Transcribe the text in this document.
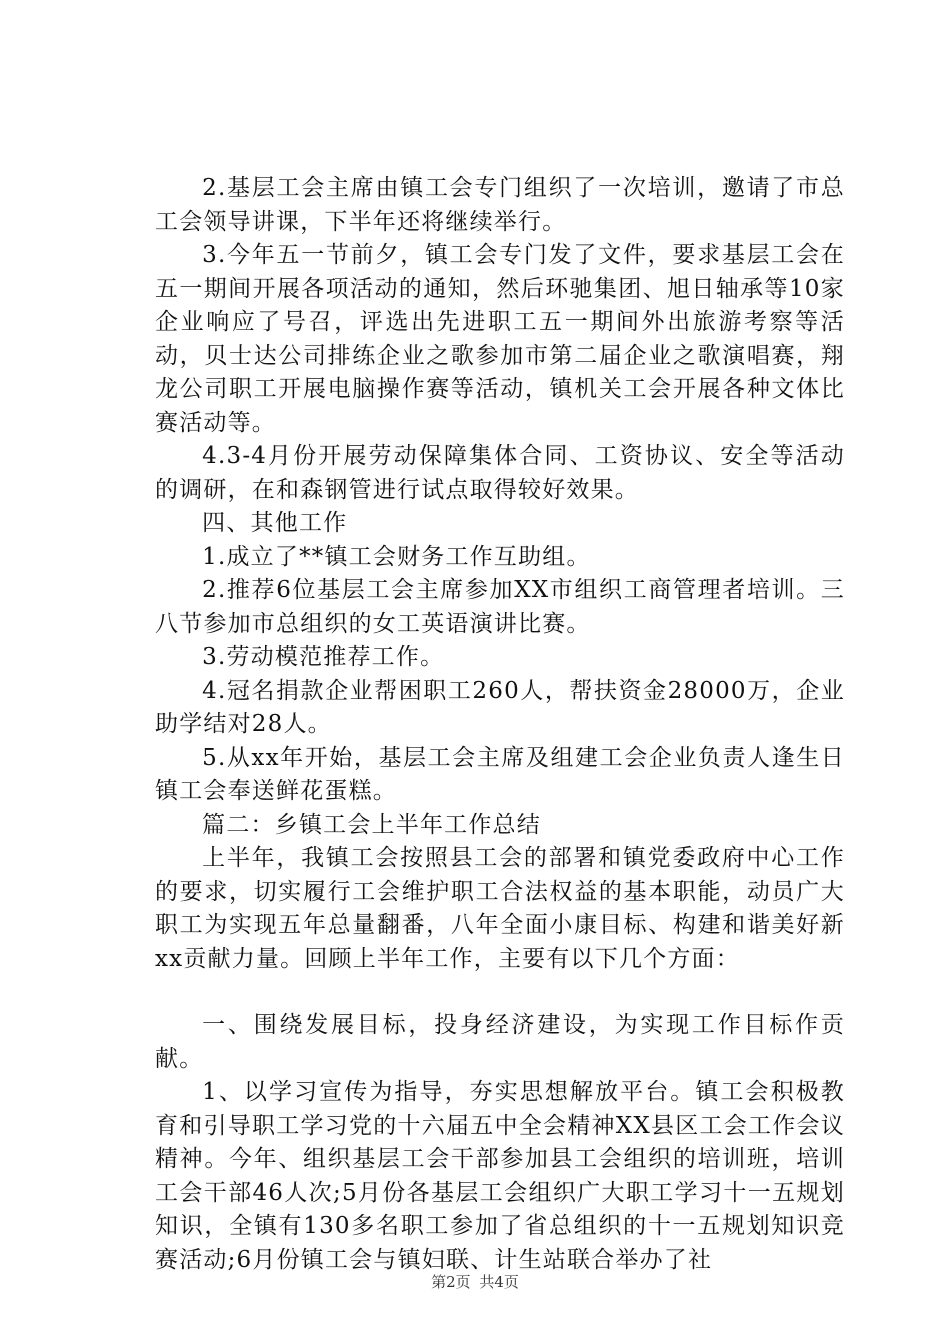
2.基层工会主席由镇工会专门组织了一次培训，邀请了市总工会领导讲课，下半年还将继续举行。

3.今年五一节前夕，镇工会专门发了文件，要求基层工会在五一期间开展各项活动的通知，然后环驰集团、旭日轴承等10家企业响应了号召，评选出先进职工五一期间外出旅游考察等活动，贝士达公司排练企业之歌参加市第二届企业之歌演唱赛，翔龙公司职工开展电脑操作赛等活动，镇机关工会开展各种文体比赛活动等。

4.3-4月份开展劳动保障集体合同、工资协议、安全等活动的调研，在和森钢管进行试点取得较好效果。

四、其他工作

1.成立了**镇工会财务工作互助组。

2.推荐6位基层工会主席参加XX市组织工商管理者培训。三八节参加市总组织的女工英语演讲比赛。

3.劳动模范推荐工作。

4.冠名捐款企业帮困职工260人，帮扶资金28000万，企业助学结对28人。

5.从xx年开始，基层工会主席及组建工会企业负责人逢生日镇工会奉送鲜花蛋糕。

篇二：乡镇工会上半年工作总结

上半年，我镇工会按照县工会的部署和镇党委政府中心工作的要求，切实履行工会维护职工合法权益的基本职能，动员广大职工为实现五年总量翻番，八年全面小康目标、构建和谐美好新xx贡献力量。回顾上半年工作，主要有以下几个方面：

一、围绕发展目标，投身经济建设，为实现工作目标作贡献。

1、以学习宣传为指导，夯实思想解放平台。镇工会积极教育和引导职工学习党的十六届五中全会精神XX县区工会工作会议精神。今年、组织基层工会干部参加县工会组织的培训班，培训工会干部46人次;5月份各基层工会组织广大职工学习十一五规划知识，全镇有130多名职工参加了省总组织的十一五规划知识竞赛活动;6月份镇工会与镇妇联、计生站联合举办了社

第2页 共4页
